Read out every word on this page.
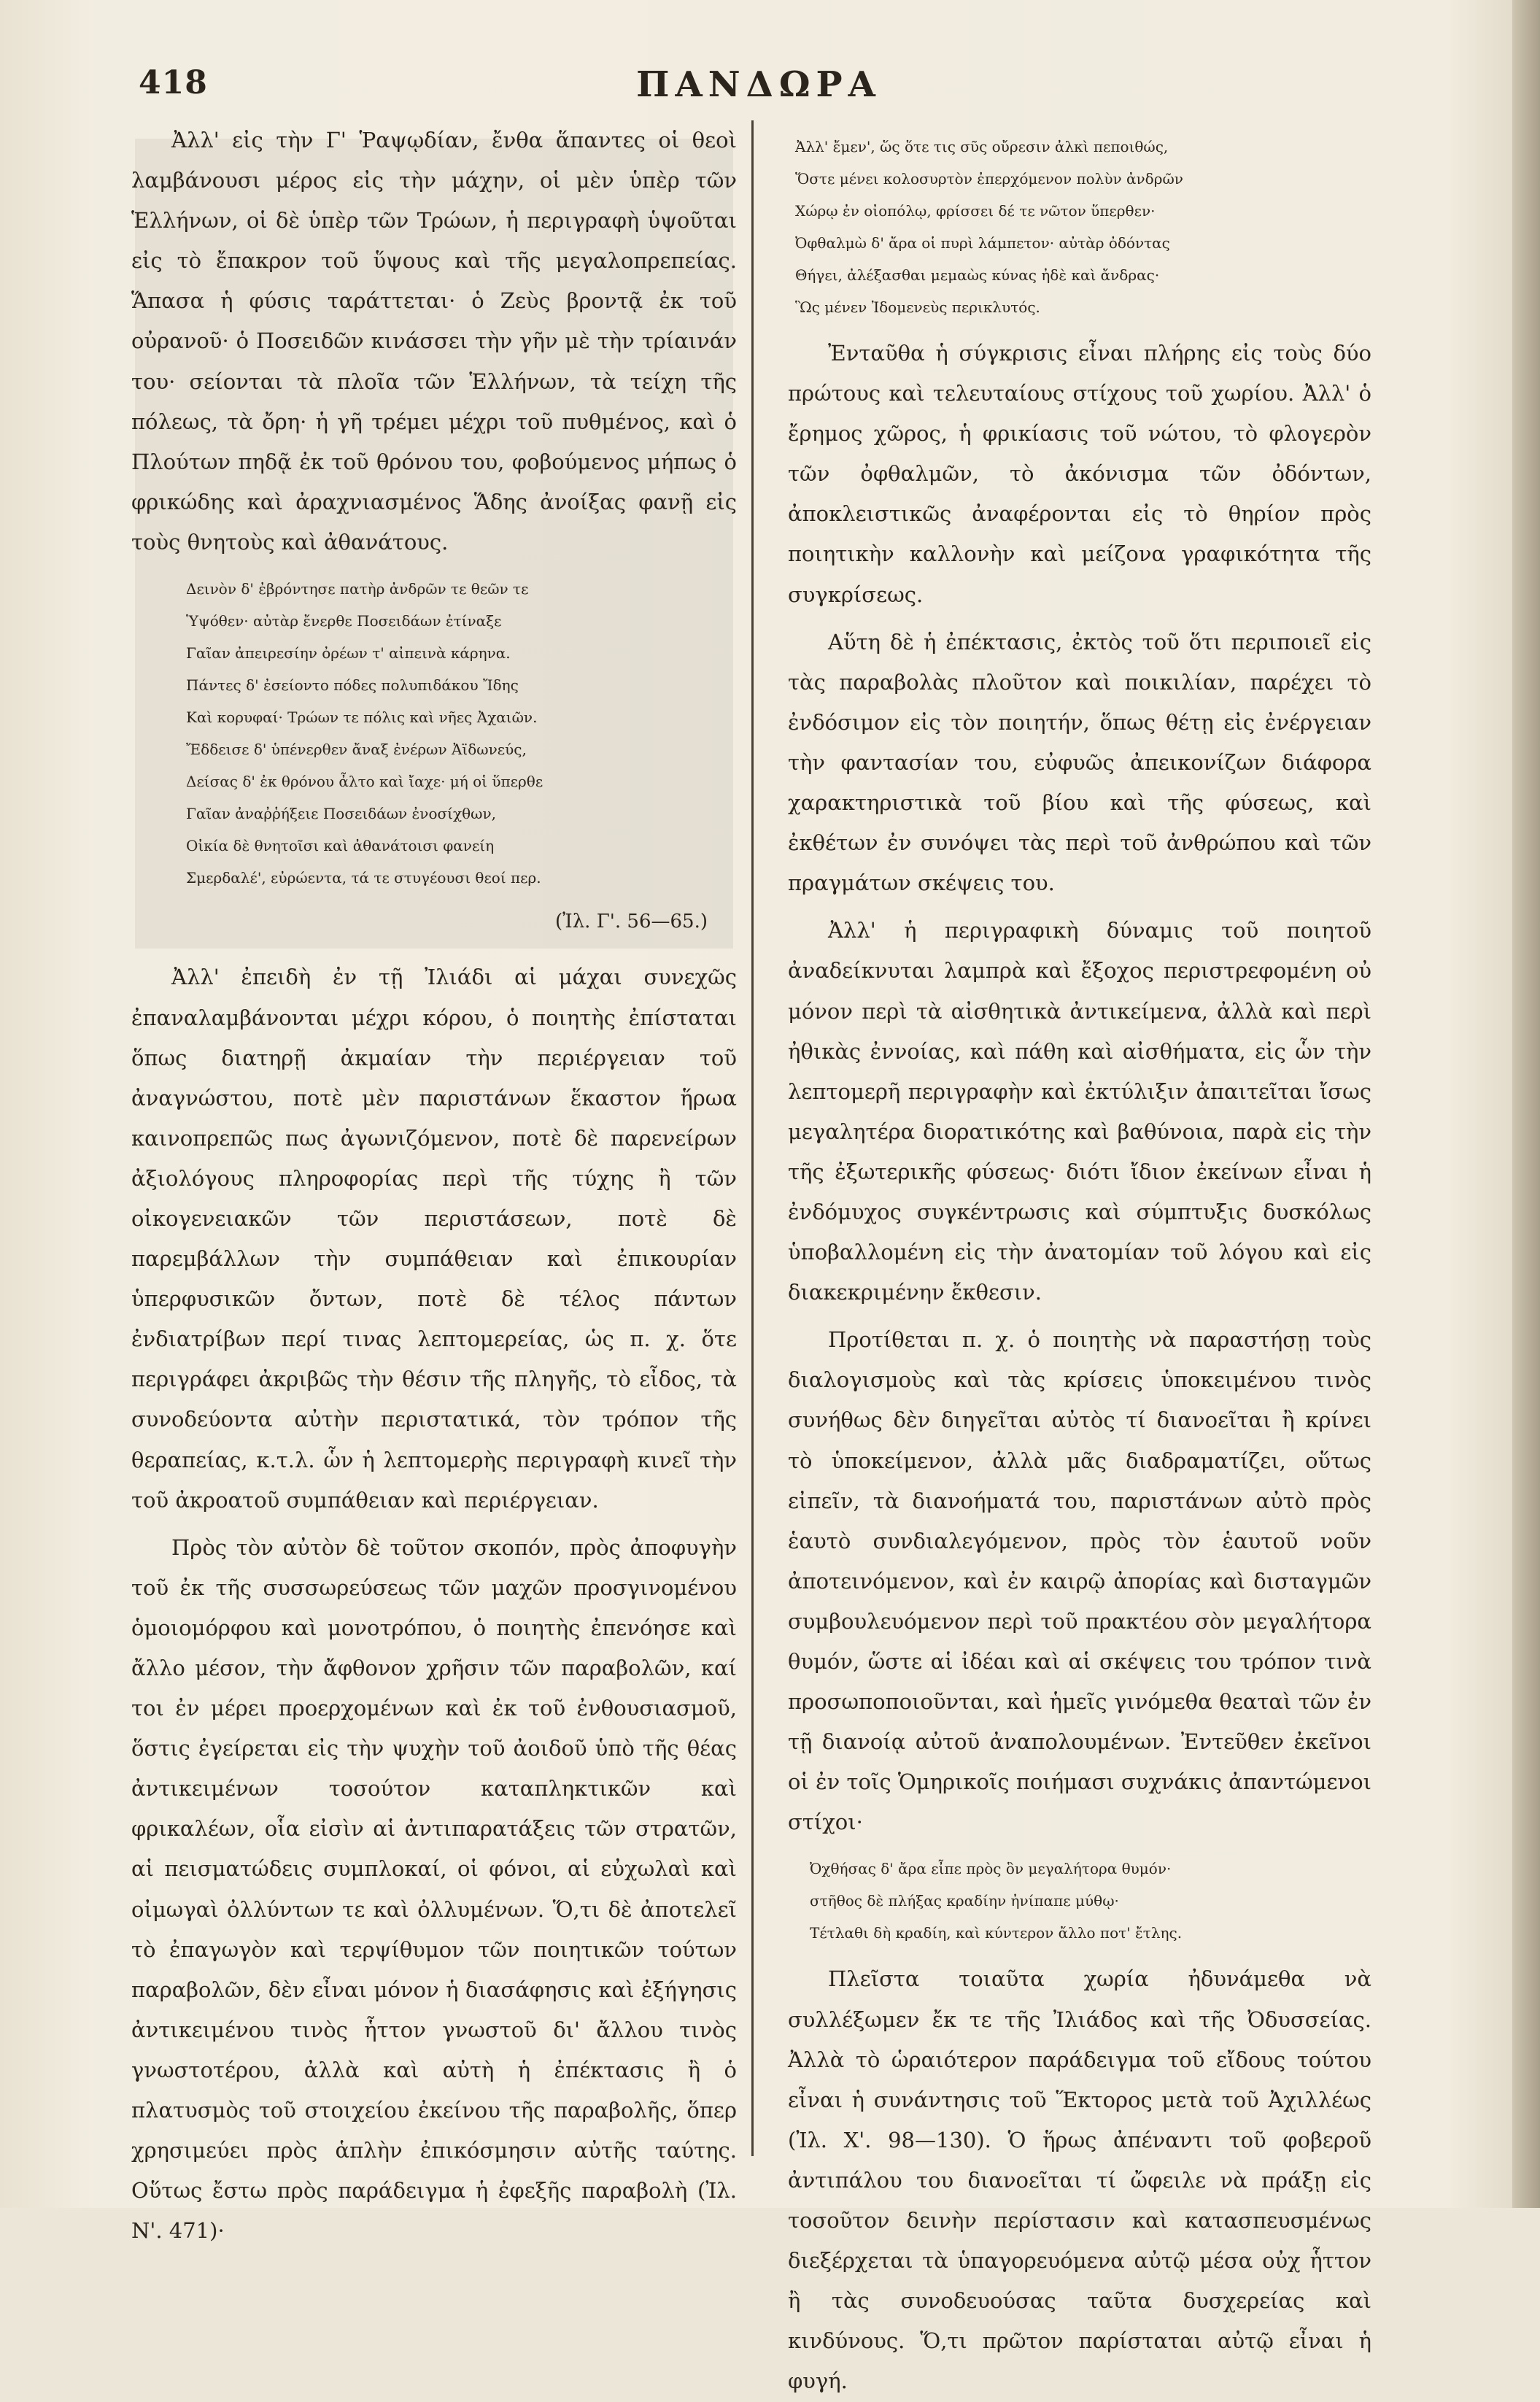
418	ΠΑΝΔΩΡΑ

Ἀλλ' εἰς τὴν Γ' Ῥαψῳδίαν, ἔνθα ἅπαντες οἱ θεοὶ λαμβάνουσι μέρος εἰς τὴν μάχην, οἱ μὲν ὑπὲρ τῶν Ἑλλήνων, οἱ δὲ ὑπὲρ τῶν Τρώων, ἡ περιγραφὴ ὑψοῦται εἰς τὸ ἔπακρον τοῦ ὕψους καὶ τῆς μεγαλοπρεπείας. Ἅπασα ἡ φύσις ταράττεται· ὁ Ζεὺς βροντᾷ ἐκ τοῦ οὐρανοῦ· ὁ Ποσειδῶν κινάσσει τὴν γῆν μὲ τὴν τρίαινάν του· σείονται τὰ πλοῖα τῶν Ἑλλήνων, τὰ τείχη τῆς πόλεως, τὰ ὄρη· ἡ γῆ τρέμει μέχρι τοῦ πυθμένος, καὶ ὁ Πλούτων πηδᾷ ἐκ τοῦ θρόνου του, φοβούμενος μήπως ὁ φρικώδης καὶ ἀραχνιασμένος Ἅδης ἀνοίξας φανῇ εἰς τοὺς θνητοὺς καὶ ἀθανάτους.

Δεινὸν δ' ἐβρόντησε πατὴρ ἀνδρῶν τε θεῶν τε
Ὑψόθεν· αὐτὰρ ἔνερθε Ποσειδάων ἐτίναξε
Γαῖαν ἀπειρεσίην ὀρέων τ' αἰπεινὰ κάρηνα.
Πάντες δ' ἐσείοντο πόδες πολυπιδάκου Ἴδης
Καὶ κορυφαί· Τρώων τε πόλις καὶ νῆες Ἀχαιῶν.
Ἔδδεισε δ' ὑπένερθεν ἄναξ ἐνέρων Ἀϊδωνεύς,
Δείσας δ' ἐκ θρόνου ἆλτο καὶ ἴαχε· μή οἱ ὕπερθε
Γαῖαν ἀναῤῥήξειε Ποσειδάων ἐνοσίχθων,
Οἰκία δὲ θνητοῖσι καὶ ἀθανάτοισι φανείη
Σμερδαλέ', εὐρώεντα, τά τε στυγέουσι θεοί περ.
(Ἰλ. Γ'. 56—65.)

Ἀλλ' ἐπειδὴ ἐν τῇ Ἰλιάδι αἱ μάχαι συνεχῶς ἐπαναλαμβάνονται μέχρι κόρου, ὁ ποιητὴς ἐπίσταται ὅπως διατηρῇ ἀκμαίαν τὴν περιέργειαν τοῦ ἀναγνώστου, ποτὲ μὲν παριστάνων ἕκαστον ἥρωα καινοπρεπῶς πως ἀγωνιζόμενον, ποτὲ δὲ παρενείρων ἀξιολόγους πληροφορίας περὶ τῆς τύχης ἢ τῶν οἰκογενειακῶν τῶν περιστάσεων, ποτὲ δὲ παρεμβάλλων τὴν συμπάθειαν καὶ ἐπικουρίαν ὑπερφυσικῶν ὄντων, ποτὲ δὲ τέλος πάντων ἐνδιατρίβων περί τινας λεπτομερείας, ὡς π. χ. ὅτε περιγράφει ἀκριβῶς τὴν θέσιν τῆς πληγῆς, τὸ εἶδος, τὰ συνοδεύοντα αὐτὴν περιστατικά, τὸν τρόπον τῆς θεραπείας, κ.τ.λ. ὧν ἡ λεπτομερὴς περιγραφὴ κινεῖ τὴν τοῦ ἀκροατοῦ συμπάθειαν καὶ περιέργειαν.

Πρὸς τὸν αὐτὸν δὲ τοῦτον σκοπόν, πρὸς ἀποφυγὴν τοῦ ἐκ τῆς συσσωρεύσεως τῶν μαχῶν προσγινομένου ὁμοιομόρφου καὶ μονοτρόπου, ὁ ποιητὴς ἐπενόησε καὶ ἄλλο μέσον, τὴν ἄφθονον χρῆσιν τῶν παραβολῶν, καί τοι ἐν μέρει προερχομένων καὶ ἐκ τοῦ ἐνθουσιασμοῦ, ὅστις ἐγείρεται εἰς τὴν ψυχὴν τοῦ ἀοιδοῦ ὑπὸ τῆς θέας ἀντικειμένων τοσούτον καταπληκτικῶν καὶ φρικαλέων, οἷα εἰσὶν αἱ ἀντιπαρατάξεις τῶν στρατῶν, αἱ πεισματώδεις συμπλοκαί, οἱ φόνοι, αἱ εὐχωλαὶ καὶ οἰμωγαὶ ὀλλύντων τε καὶ ὀλλυμένων. Ὅ,τι δὲ ἀποτελεῖ τὸ ἐπαγωγὸν καὶ τερψίθυμον τῶν ποιητικῶν τούτων παραβολῶν, δὲν εἶναι μόνον ἡ διασάφησις καὶ ἐξήγησις ἀντικειμένου τινὸς ἧττον γνωστοῦ δι' ἄλλου τινὸς γνωστοτέρου, ἀλλὰ καὶ αὐτὴ ἡ ἐπέκτασις ἢ ὁ πλατυσμὸς τοῦ στοιχείου ἐκείνου τῆς παραβολῆς, ὅπερ χρησιμεύει πρὸς ἁπλὴν ἐπικόσμησιν αὐτῆς ταύτης. Οὕτως ἔστω πρὸς παράδειγμα ἡ ἐφεξῆς παραβολὴ (Ἰλ. Ν'. 471)·

Ἀλλ' ἔμεν', ὥς ὅτε τις σῦς οὔρεσιν ἀλκὶ πεποιθώς,
Ὅστε μένει κολοσυρτὸν ἐπερχόμενον πολὺν ἀνδρῶν
Χώρῳ ἐν οἰοπόλῳ, φρίσσει δέ τε νῶτον ὕπερθεν·
Ὀφθαλμὼ δ' ἄρα οἱ πυρὶ λάμπετον· αὐτὰρ ὀδόντας
Θήγει, ἀλέξασθαι μεμαὼς κύνας ἠδὲ καὶ ἄνδρας·
Ὣς μένεν Ἰδομενεὺς περικλυτός.

Ἐνταῦθα ἡ σύγκρισις εἶναι πλήρης εἰς τοὺς δύο πρώτους καὶ τελευταίους στίχους τοῦ χωρίου. Ἀλλ' ὁ ἔρημος χῶρος, ἡ φρικίασις τοῦ νώτου, τὸ φλογερὸν τῶν ὀφθαλμῶν, τὸ ἀκόνισμα τῶν ὀδόντων, ἀποκλειστικῶς ἀναφέρονται εἰς τὸ θηρίον πρὸς ποιητικὴν καλλονὴν καὶ μείζονα γραφικότητα τῆς συγκρίσεως.

Αὕτη δὲ ἡ ἐπέκτασις, ἐκτὸς τοῦ ὅτι περιποιεῖ εἰς τὰς παραβολὰς πλοῦτον καὶ ποικιλίαν, παρέχει τὸ ἐνδόσιμον εἰς τὸν ποιητήν, ὅπως θέτῃ εἰς ἐνέργειαν τὴν φαντασίαν του, εὐφυῶς ἀπεικονίζων διάφορα χαρακτηριστικὰ τοῦ βίου καὶ τῆς φύσεως, καὶ ἐκθέτων ἐν συνόψει τὰς περὶ τοῦ ἀνθρώπου καὶ τῶν πραγμάτων σκέψεις του.

Ἀλλ' ἡ περιγραφικὴ δύναμις τοῦ ποιητοῦ ἀναδείκνυται λαμπρὰ καὶ ἔξοχος περιστρεφομένη οὐ μόνον περὶ τὰ αἰσθητικὰ ἀντικείμενα, ἀλλὰ καὶ περὶ ἠθικὰς ἐννοίας, καὶ πάθη καὶ αἰσθήματα, εἰς ὧν τὴν λεπτομερῆ περιγραφὴν καὶ ἐκτύλιξιν ἀπαιτεῖται ἴσως μεγαλητέρα διορατικότης καὶ βαθύνοια, παρὰ εἰς τὴν τῆς ἐξωτερικῆς φύσεως· διότι ἴδιον ἐκείνων εἶναι ἡ ἐνδόμυχος συγκέντρωσις καὶ σύμπτυξις δυσκόλως ὑποβαλλομένη εἰς τὴν ἀνατομίαν τοῦ λόγου καὶ εἰς διακεκριμένην ἔκθεσιν.

Προτίθεται π. χ. ὁ ποιητὴς νὰ παραστήσῃ τοὺς διαλογισμοὺς καὶ τὰς κρίσεις ὑποκειμένου τινὸς συνήθως δὲν διηγεῖται αὐτὸς τί διανοεῖται ἢ κρίνει τὸ ὑποκείμενον, ἀλλὰ μᾶς διαδραματίζει, οὕτως εἰπεῖν, τὰ διανοήματά του, παριστάνων αὐτὸ πρὸς ἑαυτὸ συνδιαλεγόμενον, πρὸς τὸν ἑαυτοῦ νοῦν ἀποτεινόμενον, καὶ ἐν καιρῷ ἀπορίας καὶ δισταγμῶν συμβουλευόμενον περὶ τοῦ πρακτέου σὸν μεγαλήτορα θυμόν, ὥστε αἱ ἰδέαι καὶ αἱ σκέψεις του τρόπον τινὰ προσωποποιοῦνται, καὶ ἡμεῖς γινόμεθα θεαταὶ τῶν ἐν τῇ διανοίᾳ αὐτοῦ ἀναπολουμένων. Ἐντεῦθεν ἐκεῖνοι οἱ ἐν τοῖς Ὁμηρικοῖς ποιήμασι συχνάκις ἀπαντώμενοι στίχοι·

Ὀχθήσας δ' ἄρα εἶπε πρὸς ὃν μεγαλήτορα θυμόν·
στῆθος δὲ πλήξας κραδίην ἠνίπαπε μύθῳ·
Τέτλαθι δὴ κραδίη, καὶ κύντερον ἄλλο ποτ' ἔτλης.

Πλεῖστα τοιαῦτα χωρία ἠδυνάμεθα νὰ συλλέξωμεν ἔκ τε τῆς Ἰλιάδος καὶ τῆς Ὀδυσσείας. Ἀλλὰ τὸ ὡραιότερον παράδειγμα τοῦ εἴδους τούτου εἶναι ἡ συνάντησις τοῦ Ἕκτορος μετὰ τοῦ Ἀχιλλέως (Ἰλ. Χ'. 98—130). Ὁ ἥρως ἀπέναντι τοῦ φοβεροῦ ἀντιπάλου του διανοεῖται τί ὤφειλε νὰ πράξῃ εἰς τοσοῦτον δεινὴν περίστασιν καὶ κατασπευσμένως διεξέρχεται τὰ ὑπαγορευόμενα αὐτῷ μέσα οὐχ ἧττον ἢ τὰς συνοδευούσας ταῦτα δυσχερείας καὶ κινδύνους. Ὅ,τι πρῶτον παρίσταται αὐτῷ εἶναι ἡ φυγή.
